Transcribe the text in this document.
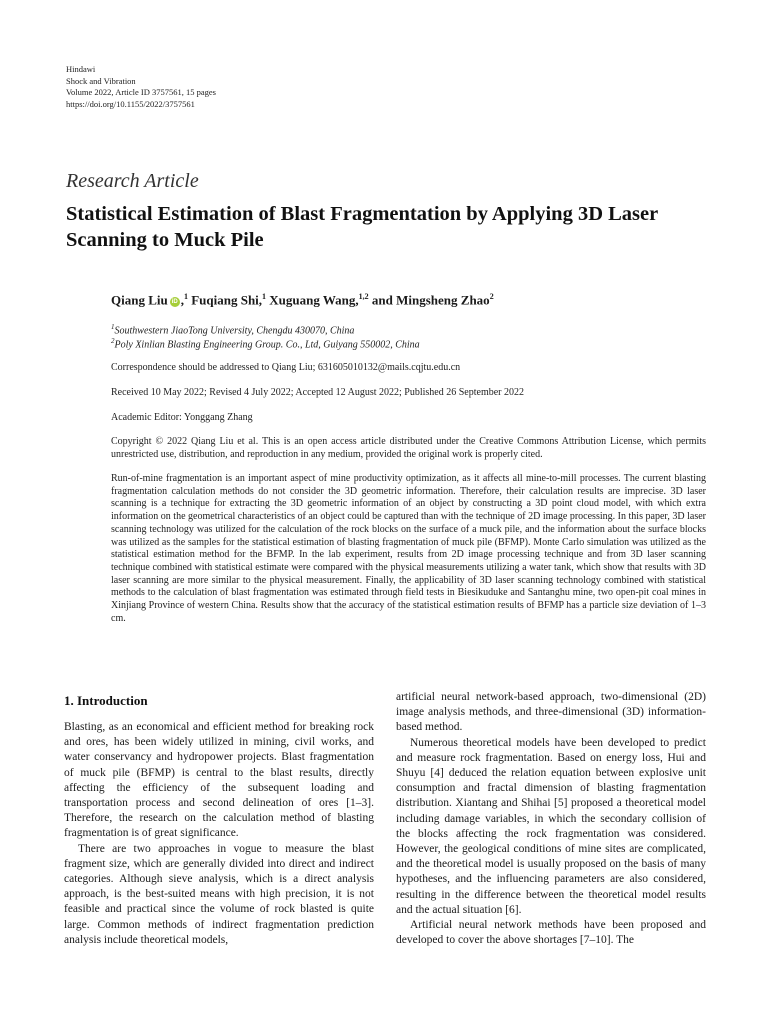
Hindawi
Shock and Vibration
Volume 2022, Article ID 3757561, 15 pages
https://doi.org/10.1155/2022/3757561
Research Article
Statistical Estimation of Blast Fragmentation by Applying 3D Laser Scanning to Muck Pile
Qiang Liu iD ,$^1$ Fuqiang Shi,$^1$ Xuguang Wang,$^{1,2}$ and Mingsheng Zhao$^2$
$^1$Southwestern JiaoTong University, Chengdu 430070, China
$^2$Poly Xinlian Blasting Engineering Group. Co., Ltd, Guiyang 550002, China
Correspondence should be addressed to Qiang Liu; 631605010132@mails.cqjtu.edu.cn
Received 10 May 2022; Revised 4 July 2022; Accepted 12 August 2022; Published 26 September 2022
Academic Editor: Yonggang Zhang
Copyright © 2022 Qiang Liu et al. This is an open access article distributed under the Creative Commons Attribution License, which permits unrestricted use, distribution, and reproduction in any medium, provided the original work is properly cited.
Run-of-mine fragmentation is an important aspect of mine productivity optimization, as it affects all mine-to-mill processes. The current blasting fragmentation calculation methods do not consider the 3D geometric information. Therefore, their calculation results are imprecise. 3D laser scanning is a technique for extracting the 3D geometric information of an object by constructing a 3D point cloud model, with which extra information on the geometrical characteristics of an object could be captured than with the technique of 2D image processing. In this paper, 3D laser scanning technology was utilized for the calculation of the rock blocks on the surface of a muck pile, and the information about the surface blocks was utilized as the samples for the statistical estimation of blasting fragmentation of muck pile (BFMP). Monte Carlo simulation was utilized as the statistical estimation method for the BFMP. In the lab experiment, results from 2D image processing technique and from 3D laser scanning technique combined with statistical estimate were compared with the physical measurements utilizing a water tank, which show that results with 3D laser scanning are more similar to the physical measurement. Finally, the applicability of 3D laser scanning technology combined with statistical methods to the calculation of blast fragmentation was estimated through field tests in Biesikuduke and Santanghu mine, two open-pit coal mines in Xinjiang Province of western China. Results show that the accuracy of the statistical estimation results of BFMP has a particle size deviation of 1–3 cm.
1. Introduction

Blasting, as an economical and efficient method for breaking rock and ores, has been widely utilized in mining, civil works, and water conservancy and hydropower projects. Blast fragmentation of muck pile (BFMP) is central to the blast results, directly affecting the efficiency of the subsequent loading and transportation process and second delineation of ores [1–3]. Therefore, the research on the calculation method of blasting fragmentation is of great significance.

There are two approaches in vogue to measure the blast fragment size, which are generally divided into direct and indirect categories. Although sieve analysis, which is a direct analysis approach, is the best-suited means with high precision, it is not feasible and practical since the volume of rock blasted is quite large. Common methods of indirect fragmentation prediction analysis include theoretical models,

artificial neural network-based approach, two-dimensional (2D) image analysis methods, and three-dimensional (3D) information-based method.

Numerous theoretical models have been developed to predict and measure rock fragmentation. Based on energy loss, Hui and Shuyu [4] deduced the relation equation between explosive unit consumption and fractal dimension of blasting fragmentation distribution. Xiantang and Shihai [5] proposed a theoretical model including damage variables, in which the secondary collision of the blocks affecting the rock fragmentation was considered. However, the geological conditions of mine sites are complicated, and the theoretical model is usually proposed on the basis of many hypotheses, and the influencing parameters are also considered, resulting in the difference between the theoretical model results and the actual situation [6].

Artificial neural network methods have been proposed and developed to cover the above shortages [7–10]. The
